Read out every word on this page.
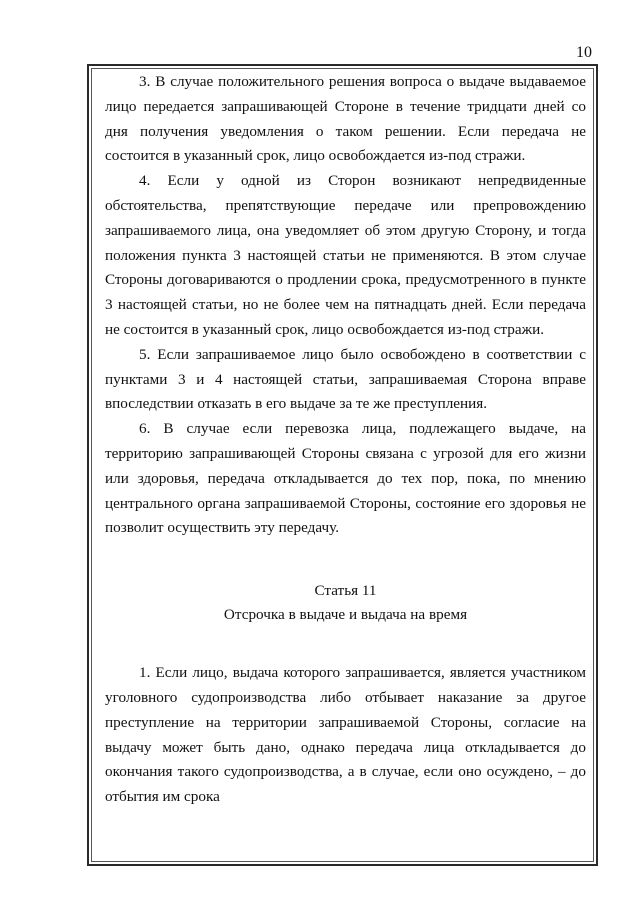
10

3. В случае положительного решения вопроса о выдаче выдаваемое лицо передается запрашивающей Стороне в течение тридцати дней со дня получения уведомления о таком решении. Если передача не состоится в указанный срок, лицо освобождается из-под стражи.

4. Если у одной из Сторон возникают непредвиденные обстоятельства, препятствующие передаче или препровождению запрашиваемого лица, она уведомляет об этом другую Сторону, и тогда положения пункта 3 настоящей статьи не применяются. В этом случае Стороны договариваются о продлении срока, предусмотренного в пункте 3 настоящей статьи, но не более чем на пятнадцать дней. Если передача не состоится в указанный срок, лицо освобождается из-под стражи.

5. Если запрашиваемое лицо было освобождено в соответствии с пунктами 3 и 4 настоящей статьи, запрашиваемая Сторона вправе впоследствии отказать в его выдаче за те же преступления.

6. В случае если перевозка лица, подлежащего выдаче, на территорию запрашивающей Стороны связана с угрозой для его жизни или здоровья, передача откладывается до тех пор, пока, по мнению центрального органа запрашиваемой Стороны, состояние его здоровья не позволит осуществить эту передачу.

Статья 11
Отсрочка в выдаче и выдача на время

1. Если лицо, выдача которого запрашивается, является участником уголовного судопроизводства либо отбывает наказание за другое преступление на территории запрашиваемой Стороны, согласие на выдачу может быть дано, однако передача лица откладывается до окончания такого судопроизводства, а в случае, если оно осуждено, – до отбытия им срока
